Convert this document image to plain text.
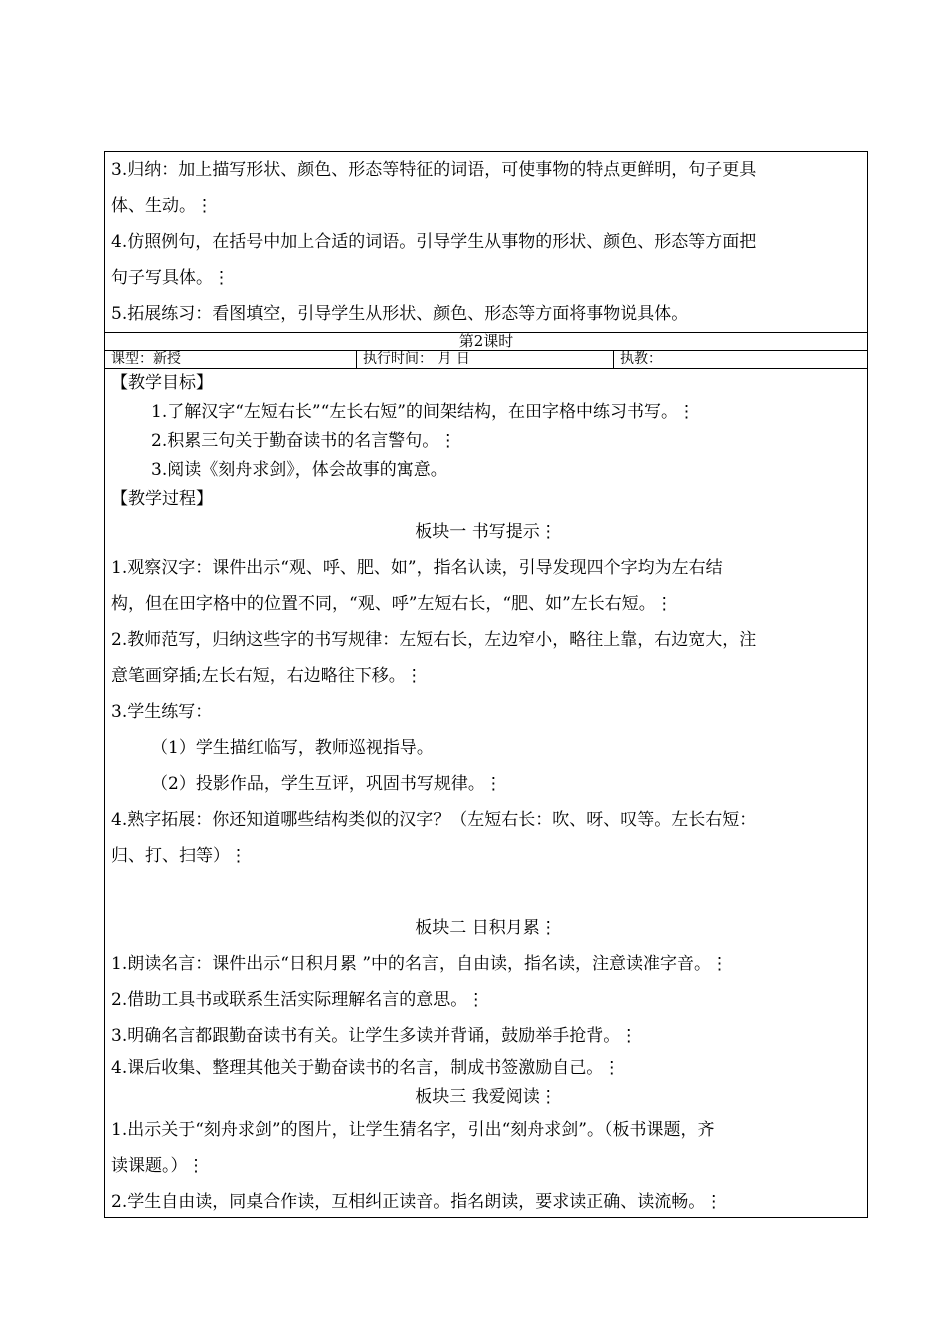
3.归纳：加上描写形状、颜色、形态等特征的词语，可使事物的特点更鲜明，句子更具
体、生动。⋮
4.仿照例句，在括号中加上合适的词语。引导学生从事物的形状、颜色、形态等方面把
句子写具体。⋮
5.拓展练习：看图填空，引导学生从形状、颜色、形态等方面将事物说具体。
第2课时
课型：新授	执行时间： 月 日	执教：
【教学目标】
1.了解汉字“左短右长”“左长右短”的间架结构，在田字格中练习书写。⋮
2.积累三句关于勤奋读书的名言警句。⋮
3.阅读《刻舟求剑》，体会故事的寓意。
【教学过程】
板块一 书写提示⋮
1.观察汉字：课件出示“观、呼、肥、如”，指名认读，引导发现四个字均为左右结
构，但在田字格中的位置不同，“观、呼”左短右长，“肥、如”左长右短。⋮
2.教师范写，归纳这些字的书写规律：左短右长，左边窄小，略往上靠，右边宽大，注
意笔画穿插;左长右短，右边略往下移。⋮
3.学生练写：
（1）学生描红临写，教师巡视指导。
（2）投影作品，学生互评，巩固书写规律。⋮
4.熟字拓展：你还知道哪些结构类似的汉字？（左短右长：吹、呀、叹等。左长右短：
归、打、扫等）⋮
板块二 日积月累⋮
1.朗读名言：课件出示“日积月累 ”中的名言，自由读，指名读，注意读准字音。⋮
2.借助工具书或联系生活实际理解名言的意思。⋮
3.明确名言都跟勤奋读书有关。让学生多读并背诵，鼓励举手抢背。⋮
4.课后收集、整理其他关于勤奋读书的名言，制成书签激励自己。⋮
板块三 我爱阅读⋮
1.出示关于“刻舟求剑”的图片，让学生猜名字，引出“刻舟求剑”。（板书课题，齐
读课题。）⋮
2.学生自由读，同桌合作读，互相纠正读音。指名朗读，要求读正确、读流畅。⋮
